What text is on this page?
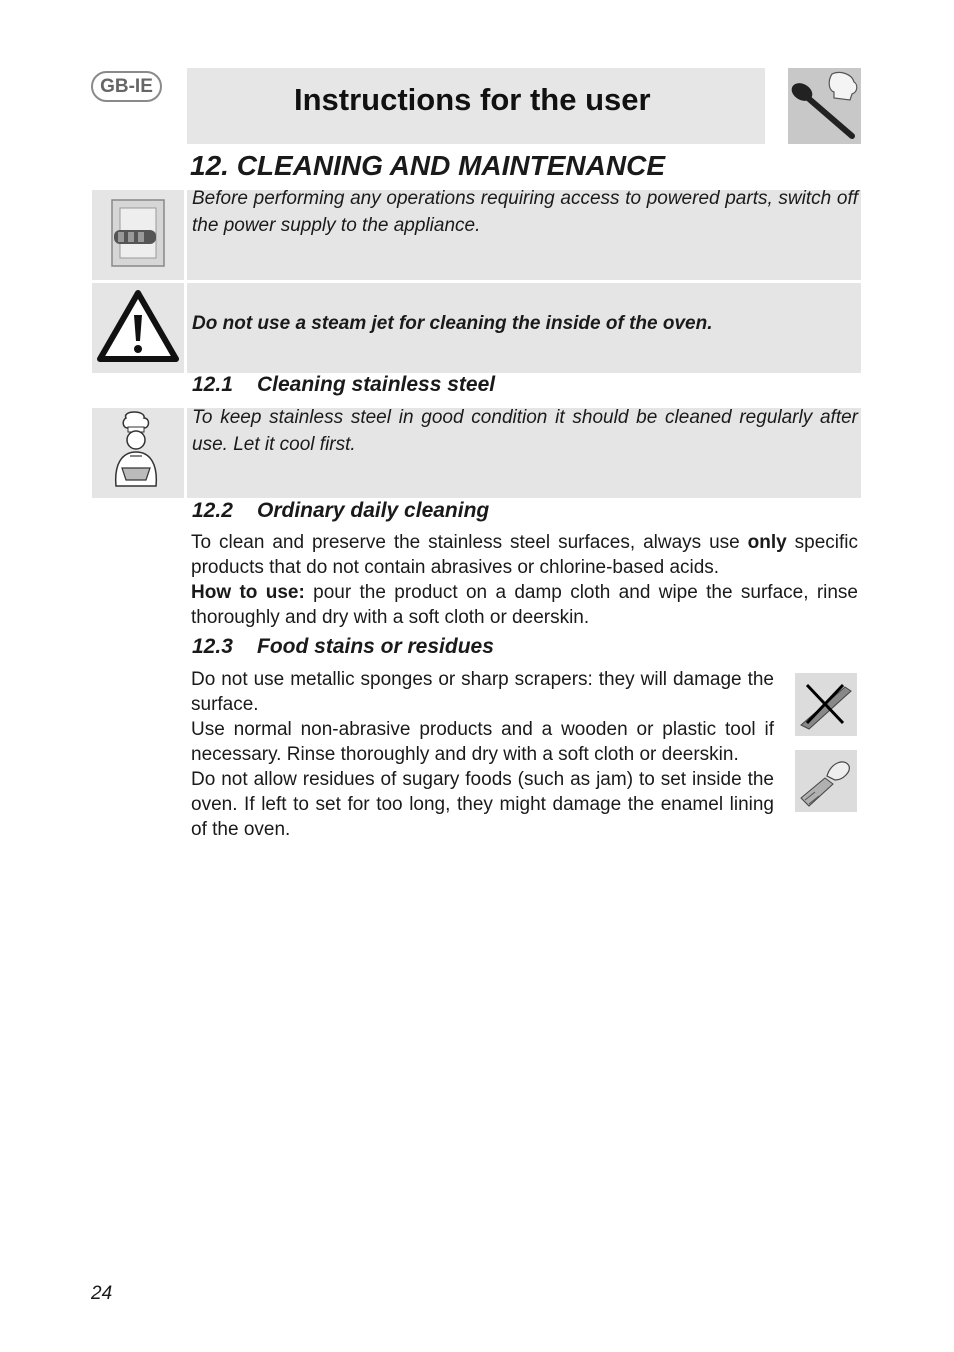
GB-IE	Instructions for the user
12. CLEANING AND MAINTENANCE
Before performing any operations requiring access to powered parts, switch off the power supply to the appliance.
Do not use a steam jet for cleaning the inside of the oven.
12.1 Cleaning stainless steel
To keep stainless steel in good condition it should be cleaned regularly after use. Let it cool first.
12.2 Ordinary daily cleaning
To clean and preserve the stainless steel surfaces, always use only specific products that do not contain abrasives or chlorine-based acids.
How to use: pour the product on a damp cloth and wipe the surface, rinse thoroughly and dry with a soft cloth or deerskin.
12.3 Food stains or residues
Do not use metallic sponges or sharp scrapers: they will damage the surface.
Use normal non-abrasive products and a wooden or plastic tool if necessary. Rinse thoroughly and dry with a soft cloth or deerskin.
Do not allow residues of sugary foods (such as jam) to set inside the oven. If left to set for too long, they might damage the enamel lining of the oven.
24
